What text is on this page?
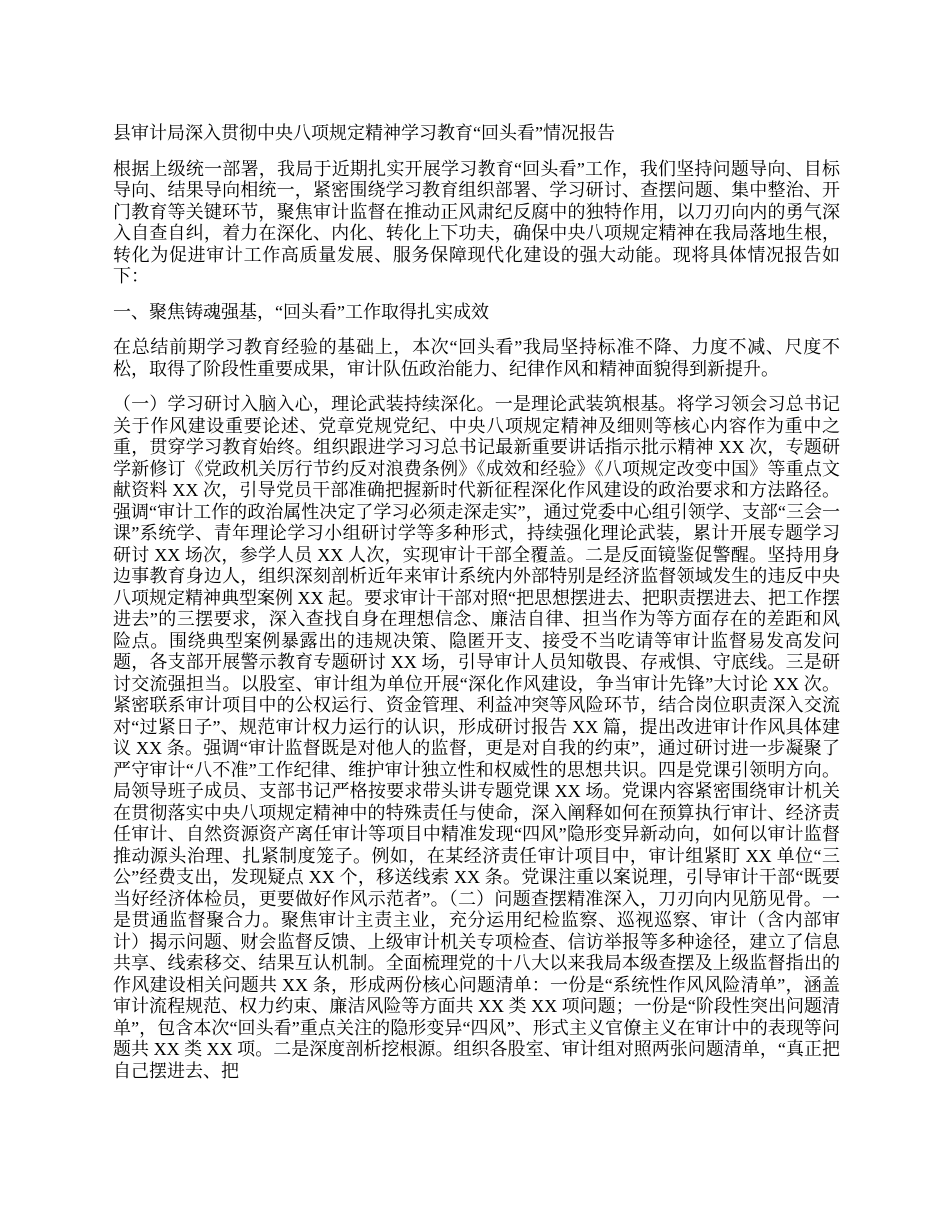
县审计局深入贯彻中央八项规定精神学习教育“回头看”情况报告
根据上级统一部署，我局于近期扎实开展学习教育“回头看”工作，我们坚持问题导向、目标导向、结果导向相统一，紧密围绕学习教育组织部署、学习研讨、查摆问题、集中整治、开门教育等关键环节，聚焦审计监督在推动正风肃纪反腐中的独特作用，以刀刃向内的勇气深入自查自纠，着力在深化、内化、转化上下功夫，确保中央八项规定精神在我局落地生根，转化为促进审计工作高质量发展、服务保障现代化建设的强大动能。现将具体情况报告如下：
一、聚焦铸魂强基，“回头看”工作取得扎实成效
在总结前期学习教育经验的基础上，本次“回头看”我局坚持标准不降、力度不减、尺度不松，取得了阶段性重要成果，审计队伍政治能力、纪律作风和精神面貌得到新提升。
（一）学习研讨入脑入心，理论武装持续深化。一是理论武装筑根基。将学习领会习总书记关于作风建设重要论述、党章党规党纪、中央八项规定精神及细则等核心内容作为重中之重，贯穿学习教育始终。组织跟进学习习总书记最新重要讲话指示批示精神 XX 次，专题研学新修订《党政机关厉行节约反对浪费条例》《成效和经验》《八项规定改变中国》等重点文献资料 XX 次，引导党员干部准确把握新时代新征程深化作风建设的政治要求和方法路径。强调“审计工作的政治属性决定了学习必须走深走实”，通过党委中心组引领学、支部“三会一课”系统学、青年理论学习小组研讨学等多种形式，持续强化理论武装，累计开展专题学习研讨 XX 场次，参学人员 XX 人次，实现审计干部全覆盖。二是反面镜鉴促警醒。坚持用身边事教育身边人，组织深刻剖析近年来审计系统内外部特别是经济监督领域发生的违反中央八项规定精神典型案例 XX 起。要求审计干部对照“把思想摆进去、把职责摆进去、把工作摆进去”的三摆要求，深入查找自身在理想信念、廉洁自律、担当作为等方面存在的差距和风险点。围绕典型案例暴露出的违规决策、隐匿开支、接受不当吃请等审计监督易发高发问题，各支部开展警示教育专题研讨 XX 场，引导审计人员知敬畏、存戒惧、守底线。三是研讨交流强担当。以股室、审计组为单位开展“深化作风建设，争当审计先锋”大讨论 XX 次。紧密联系审计项目中的公权运行、资金管理、利益冲突等风险环节，结合岗位职责深入交流对“过紧日子”、规范审计权力运行的认识，形成研讨报告 XX 篇，提出改进审计作风具体建议 XX 条。强调“审计监督既是对他人的监督，更是对自我的约束”，通过研讨进一步凝聚了严守审计“八不准”工作纪律、维护审计独立性和权威性的思想共识。四是党课引领明方向。局领导班子成员、支部书记严格按要求带头讲专题党课 XX 场。党课内容紧密围绕审计机关在贯彻落实中央八项规定精神中的特殊责任与使命，深入阐释如何在预算执行审计、经济责任审计、自然资源资产离任审计等项目中精准发现“四风”隐形变异新动向，如何以审计监督推动源头治理、扎紧制度笼子。例如，在某经济责任审计项目中，审计组紧盯 XX 单位“三公”经费支出，发现疑点 XX 个，移送线索 XX 条。党课注重以案说理，引导审计干部“既要当好经济体检员，更要做好作风示范者”。（二）问题查摆精准深入，刀刃向内见筋见骨。一是贯通监督聚合力。聚焦审计主责主业，充分运用纪检监察、巡视巡察、审计（含内部审计）揭示问题、财会监督反馈、上级审计机关专项检查、信访举报等多种途径，建立了信息共享、线索移交、结果互认机制。全面梳理党的十八大以来我局本级查摆及上级监督指出的作风建设相关问题共 XX 条，形成两份核心问题清单：一份是“系统性作风风险清单”，涵盖审计流程规范、权力约束、廉洁风险等方面共 XX 类 XX 项问题；一份是“阶段性突出问题清单”，包含本次“回头看”重点关注的隐形变异“四风”、形式主义官僚主义在审计中的表现等问题共 XX 类 XX 项。二是深度剖析挖根源。组织各股室、审计组对照两张问题清单，“真正把自己摆进去、把
